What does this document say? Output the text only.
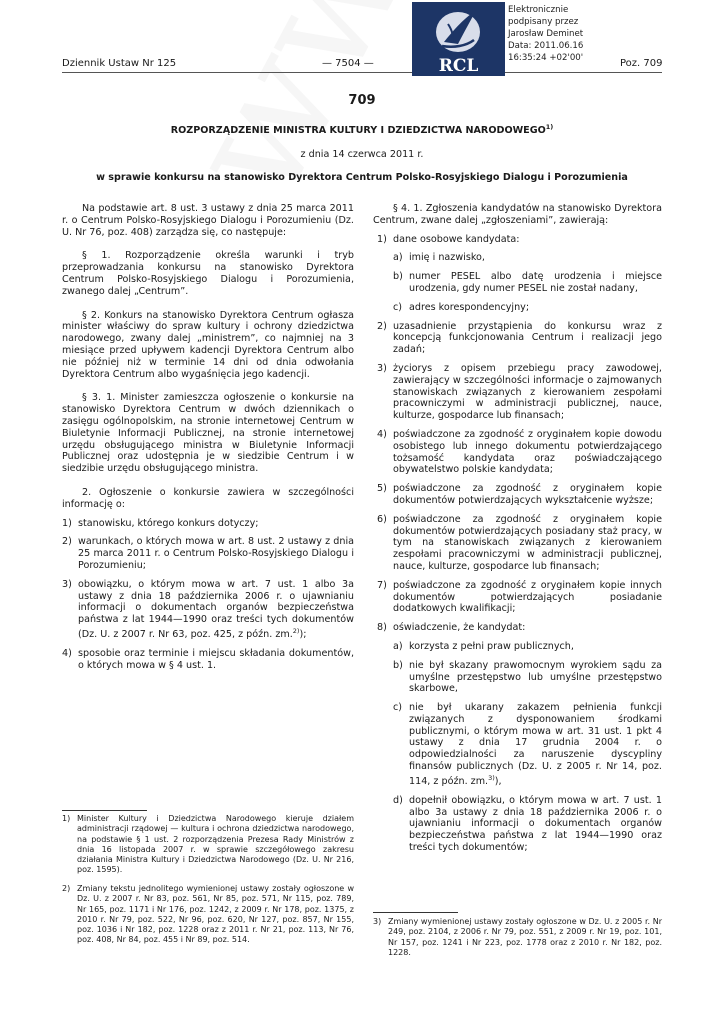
Dziennik Ustaw Nr 125	— 7504 —	Poz. 709
RCL
Elektronicznie
podpisany przez
Jarosław Deminet
Data: 2011.06.16
16:35:24 +02'00'
709
ROZPORZĄDZENIE MINISTRA KULTURY I DZIEDZICTWA NARODOWEGO$^{1)}$
z dnia 14 czerwca 2011 r.
w sprawie konkursu na stanowisko Dyrektora Centrum Polsko-Rosyjskiego Dialogu i Porozumienia

Na podstawie art. 8 ust. 3 ustawy z dnia 25 marca 2011 r. o Centrum Polsko-Rosyjskiego Dialogu i Porozumieniu (Dz. U. Nr 76, poz. 408) zarządza się, co następuje:

§ 1. Rozporządzenie określa warunki i tryb przeprowadzania konkursu na stanowisko Dyrektora Centrum Polsko-Rosyjskiego Dialogu i Porozumienia, zwanego dalej „Centrum”.

§ 2. Konkurs na stanowisko Dyrektora Centrum ogłasza minister właściwy do spraw kultury i ochrony dziedzictwa narodowego, zwany dalej „ministrem”, co najmniej na 3 miesiące przed upływem kadencji Dyrektora Centrum albo nie później niż w terminie 14 dni od dnia odwołania Dyrektora Centrum albo wygaśnięcia jego kadencji.

§ 3. 1. Minister zamieszcza ogłoszenie o konkursie na stanowisko Dyrektora Centrum w dwóch dziennikach o zasięgu ogólnopolskim, na stronie internetowej Centrum w Biuletynie Informacji Publicznej, na stronie internetowej urzędu obsługującego ministra w Biuletynie Informacji Publicznej oraz udostępnia je w siedzibie Centrum i w siedzibie urzędu obsługującego ministra.

2. Ogłoszenie o konkursie zawiera w szczególności informację o:

1) stanowisku, którego konkurs dotyczy;
2) warunkach, o których mowa w art. 8 ust. 2 ustawy z dnia 25 marca 2011 r. o Centrum Polsko-Rosyjskiego Dialogu i Porozumieniu;
3) obowiązku, o którym mowa w art. 7 ust. 1 albo 3a ustawy z dnia 18 października 2006 r. o ujawnianiu informacji o dokumentach organów bezpieczeństwa państwa z lat 1944—1990 oraz treści tych dokumentów (Dz. U. z 2007 r. Nr 63, poz. 425, z późn. zm.$^{2)}$);
4) sposobie oraz terminie i miejscu składania dokumentów, o których mowa w § 4 ust. 1.

§ 4. 1. Zgłoszenia kandydatów na stanowisko Dyrektora Centrum, zwane dalej „zgłoszeniami”, zawierają:

1) dane osobowe kandydata:
a) imię i nazwisko,
b) numer PESEL albo datę urodzenia i miejsce urodzenia, gdy numer PESEL nie został nadany,
c) adres korespondencyjny;
2) uzasadnienie przystąpienia do konkursu wraz z koncepcją funkcjonowania Centrum i realizacji jego zadań;
3) życiorys z opisem przebiegu pracy zawodowej, zawierający w szczególności informacje o zajmowanych stanowiskach związanych z kierowaniem zespołami pracowniczymi w administracji publicznej, nauce, kulturze, gospodarce lub finansach;
4) poświadczone za zgodność z oryginałem kopie dowodu osobistego lub innego dokumentu potwierdzającego tożsamość kandydata oraz poświadczającego obywatelstwo polskie kandydata;
5) poświadczone za zgodność z oryginałem kopie dokumentów potwierdzających wykształcenie wyższe;
6) poświadczone za zgodność z oryginałem kopie dokumentów potwierdzających posiadany staż pracy, w tym na stanowiskach związanych z kierowaniem zespołami pracowniczymi w administracji publicznej, nauce, kulturze, gospodarce lub finansach;
7) poświadczone za zgodność z oryginałem kopie innych dokumentów potwierdzających posiadanie dodatkowych kwalifikacji;
8) oświadczenie, że kandydat:
a) korzysta z pełni praw publicznych,
b) nie był skazany prawomocnym wyrokiem sądu za umyślne przestępstwo lub umyślne przestępstwo skarbowe,
c) nie był ukarany zakazem pełnienia funkcji związanych z dysponowaniem środkami publicznymi, o którym mowa w art. 31 ust. 1 pkt 4 ustawy z dnia 17 grudnia 2004 r. o odpowiedzialności za naruszenie dyscypliny finansów publicznych (Dz. U. z 2005 r. Nr 14, poz. 114, z późn. zm.$^{3)}$),
d) dopełnił obowiązku, o którym mowa w art. 7 ust. 1 albo 3a ustawy z dnia 18 października 2006 r. o ujawnianiu informacji o dokumentach organów bezpieczeństwa państwa z lat 1944—1990 oraz treści tych dokumentów;
1) Minister Kultury i Dziedzictwa Narodowego kieruje działem administracji rządowej — kultura i ochrona dziedzictwa narodowego, na podstawie § 1 ust. 2 rozporządzenia Prezesa Rady Ministrów z dnia 16 listopada 2007 r. w sprawie szczegółowego zakresu działania Ministra Kultury i Dziedzictwa Narodowego (Dz. U. Nr 216, poz. 1595).
2) Zmiany tekstu jednolitego wymienionej ustawy zostały ogłoszone w Dz. U. z 2007 r. Nr 83, poz. 561, Nr 85, poz. 571, Nr 115, poz. 789, Nr 165, poz. 1171 i Nr 176, poz. 1242, z 2009 r. Nr 178, poz. 1375, z 2010 r. Nr 79, poz. 522, Nr 96, poz. 620, Nr 127, poz. 857, Nr 155, poz. 1036 i Nr 182, poz. 1228 oraz z 2011 r. Nr 21, poz. 113, Nr 76, poz. 408, Nr 84, poz. 455 i Nr 89, poz. 514.
3) Zmiany wymienionej ustawy zostały ogłoszone w Dz. U. z 2005 r. Nr 249, poz. 2104, z 2006 r. Nr 79, poz. 551, z 2009 r. Nr 19, poz. 101, Nr 157, poz. 1241 i Nr 223, poz. 1778 oraz z 2010 r. Nr 182, poz. 1228.
